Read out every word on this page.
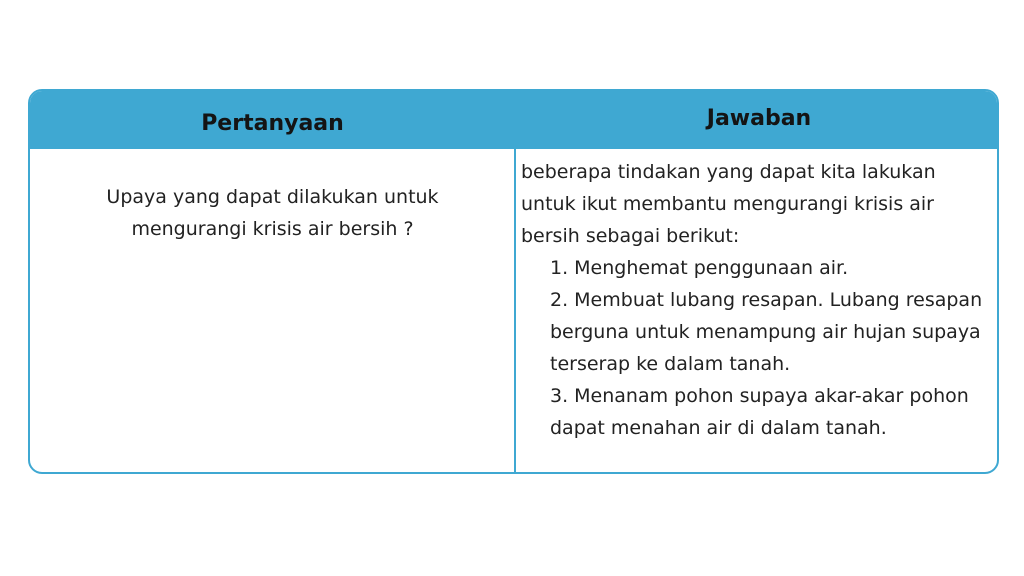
Pertanyaan	Jawaban
Upaya yang dapat dilakukan untuk
mengurangi krisis air bersih ?

beberapa tindakan yang dapat kita lakukan untuk ikut membantu mengurangi krisis air bersih sebagai berikut:

1. Menghemat penggunaan air.
2. Membuat lubang resapan. Lubang resapan berguna untuk menampung air hujan supaya terserap ke dalam tanah.
3. Menanam pohon supaya akar-akar pohon dapat menahan air di dalam tanah.
